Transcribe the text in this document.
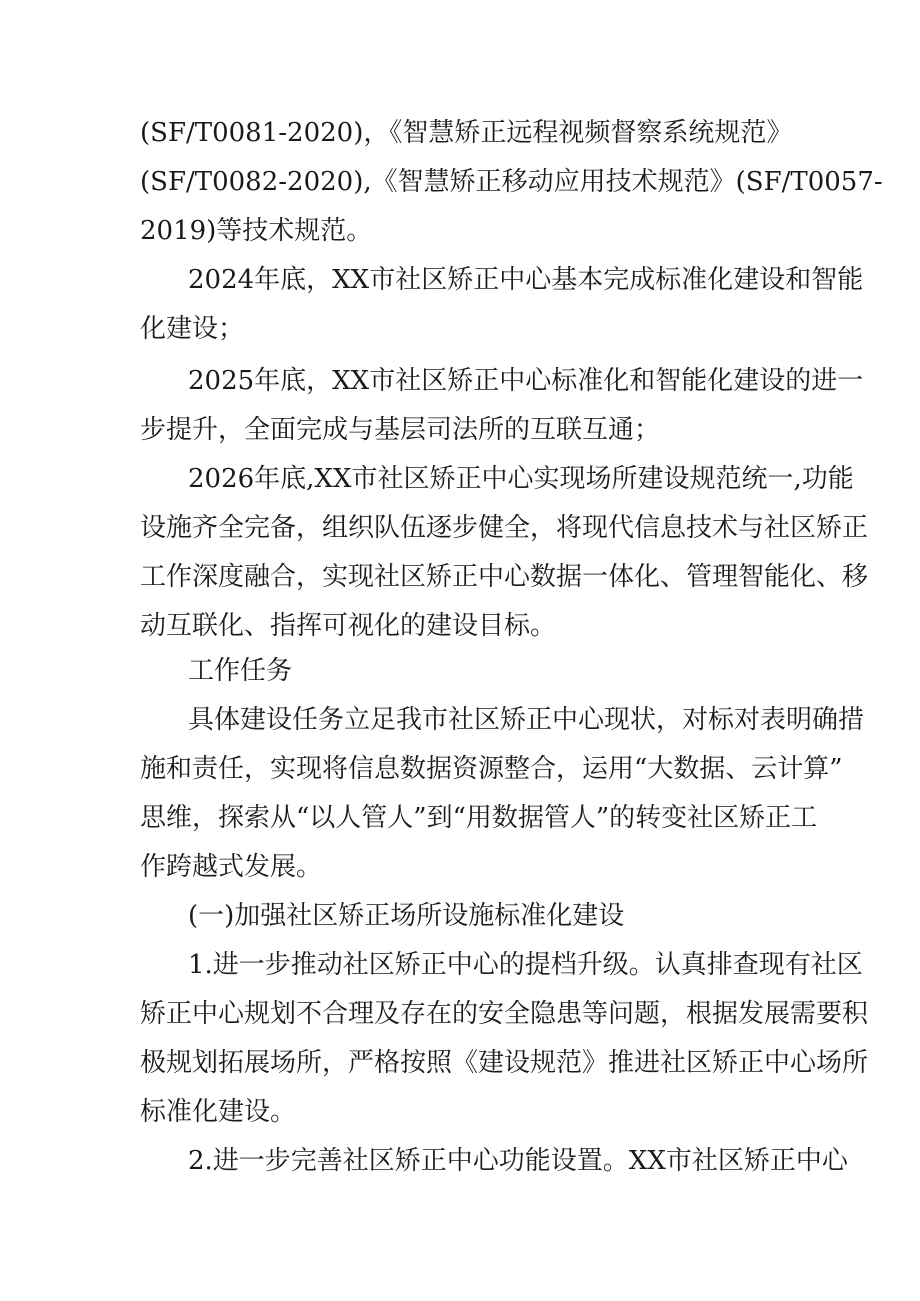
(SF/T0081-2020)，《智慧矫正远程视频督察系统规范》
(SF/T0082-2020),《智慧矫正移动应用技术规范》(SF/T0057-
2019)等技术规范。
2024年底，XX市社区矫正中心基本完成标准化建设和智能
化建设；
2025年底，XX市社区矫正中心标准化和智能化建设的进一
步提升，全面完成与基层司法所的互联互通；
2026年底,XX市社区矫正中心实现场所建设规范统一,功能
设施齐全完备，组织队伍逐步健全，将现代信息技术与社区矫正
工作深度融合，实现社区矫正中心数据一体化、管理智能化、移
动互联化、指挥可视化的建设目标。
工作任务
具体建设任务立足我市社区矫正中心现状，对标对表明确措
施和责任，实现将信息数据资源整合，运用“大数据、云计算”
思维，探索从“以人管人”到“用数据管人”的转变社区矫正工
作跨越式发展。
(一)加强社区矫正场所设施标准化建设
1.进一步推动社区矫正中心的提档升级。认真排查现有社区
矫正中心规划不合理及存在的安全隐患等问题，根据发展需要积
极规划拓展场所，严格按照《建设规范》推进社区矫正中心场所
标准化建设。
2.进一步完善社区矫正中心功能设置。XX市社区矫正中心
